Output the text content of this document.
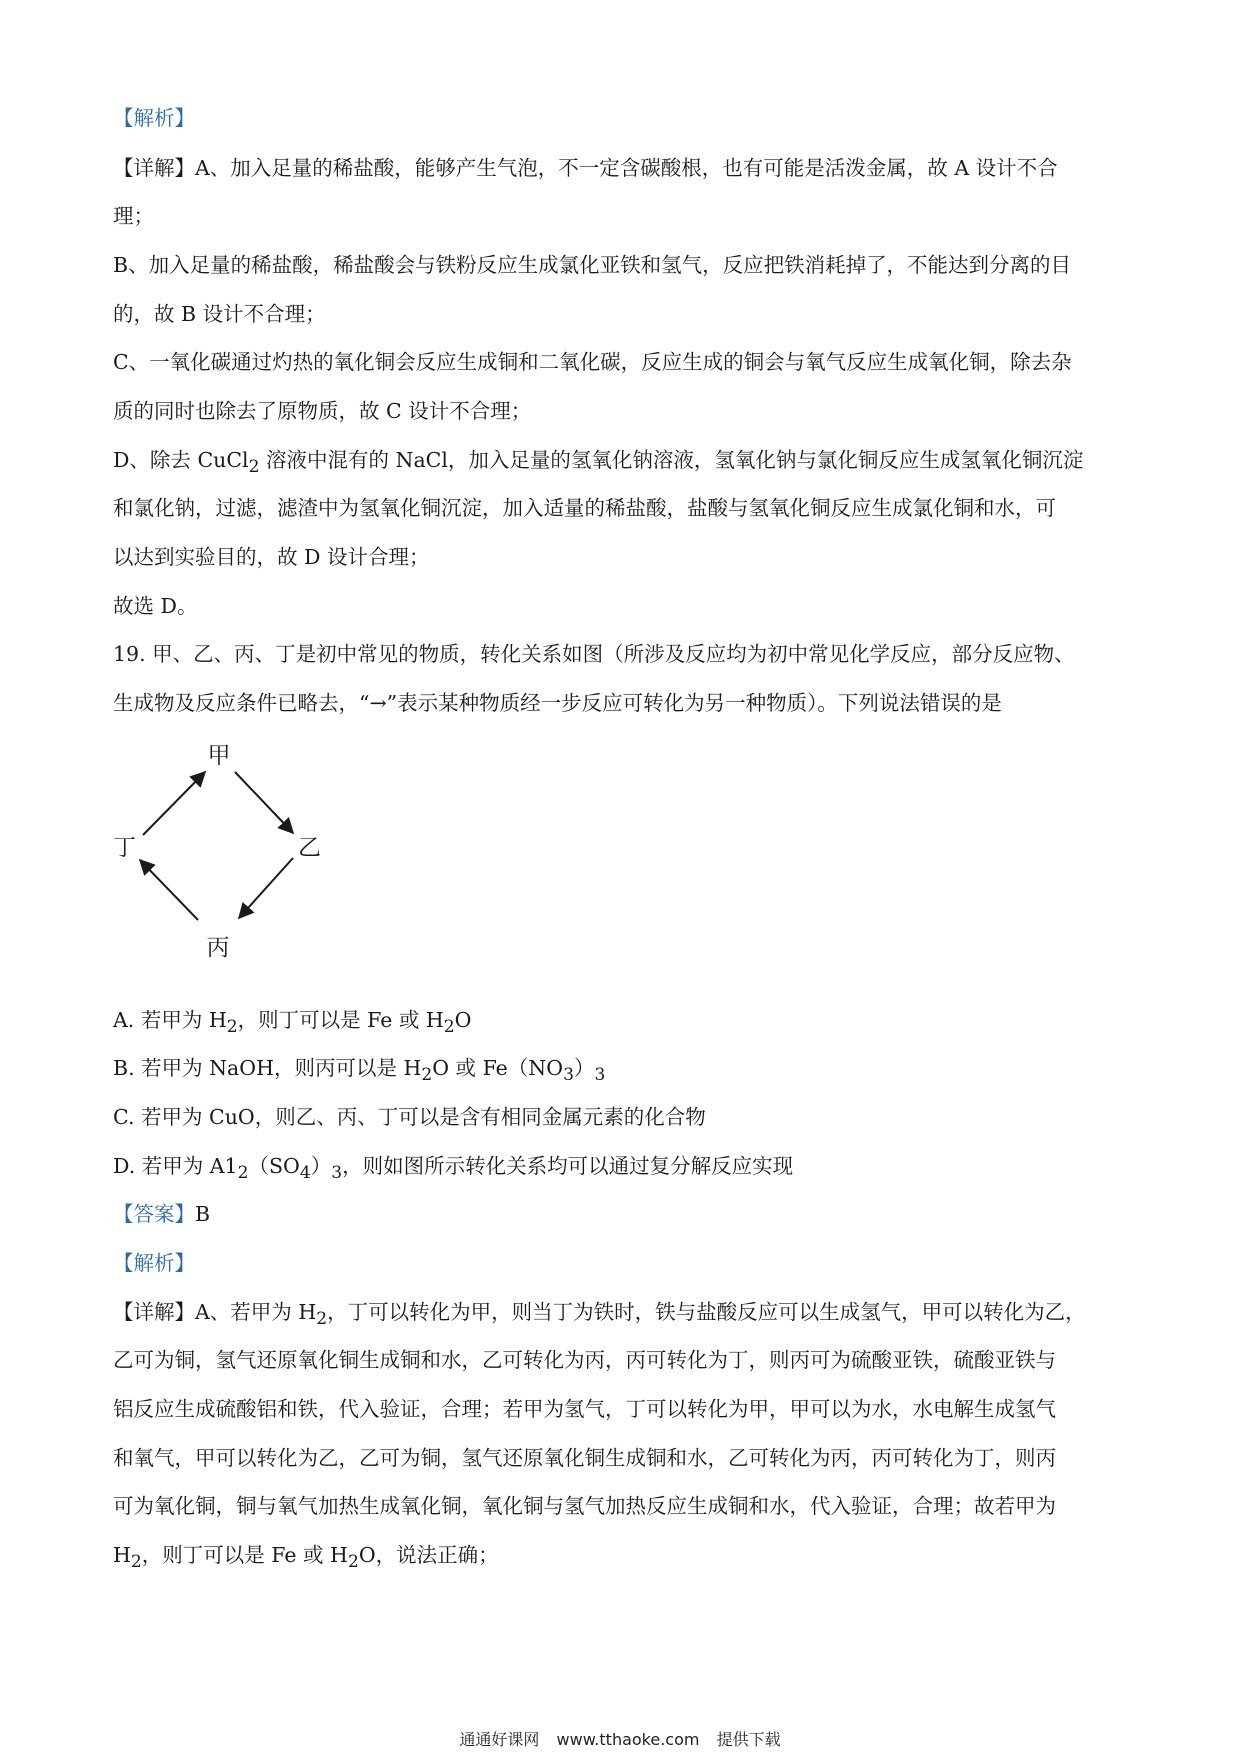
【解析】
【详解】A、加入足量的稀盐酸，能够产生气泡，不一定含碳酸根，也有可能是活泼金属，故 A 设计不合
理；
B、加入足量的稀盐酸，稀盐酸会与铁粉反应生成氯化亚铁和氢气，反应把铁消耗掉了，不能达到分离的目
的，故 B 设计不合理；
C、一氧化碳通过灼热的氧化铜会反应生成铜和二氧化碳，反应生成的铜会与氧气反应生成氧化铜，除去杂
质的同时也除去了原物质，故 C 设计不合理；
D、除去 CuCl$_2$ 溶液中混有的 NaCl，加入足量的氢氧化钠溶液，氢氧化钠与氯化铜反应生成氢氧化铜沉淀
和氯化钠，过滤，滤渣中为氢氧化铜沉淀，加入适量的稀盐酸，盐酸与氢氧化铜反应生成氯化铜和水，可
以达到实验目的，故 D 设计合理；
故选 D。
19. 甲、乙、丙、丁是初中常见的物质，转化关系如图（所涉及反应均为初中常见化学反应，部分反应物、
生成物及反应条件已略去，“→”表示某种物质经一步反应可转化为另一种物质）。下列说法错误的是
甲
乙
丙
丁
A. 若甲为 $H_2$，则丁可以是 Fe 或 $H_2O$
B. 若甲为 NaOH，则丙可以是 $H_2O$ 或 $Fe(NO_3)_3$
C. 若甲为 CuO，则乙、丙、丁可以是含有相同金属元素的化合物
D. 若甲为 $A1_2(SO_4)_3$，则如图所示转化关系均可以通过复分解反应实现
【答案】B
【解析】
【详解】A、若甲为 $H_2$，丁可以转化为甲，则当丁为铁时，铁与盐酸反应可以生成氢气，甲可以转化为乙，
乙可为铜，氢气还原氧化铜生成铜和水，乙可转化为丙，丙可转化为丁，则丙可为硫酸亚铁，硫酸亚铁与
铝反应生成硫酸铝和铁，代入验证，合理；若甲为氢气，丁可以转化为甲，甲可以为水，水电解生成氢气
和氧气，甲可以转化为乙，乙可为铜，氢气还原氧化铜生成铜和水，乙可转化为丙，丙可转化为丁，则丙
可为氧化铜，铜与氧气加热生成氧化铜，氧化铜与氢气加热反应生成铜和水，代入验证，合理；故若甲为
$H_2$，则丁可以是 Fe 或 $H_2O$，说法正确；
通通好课网 www.tthaoke.com 提供下载
